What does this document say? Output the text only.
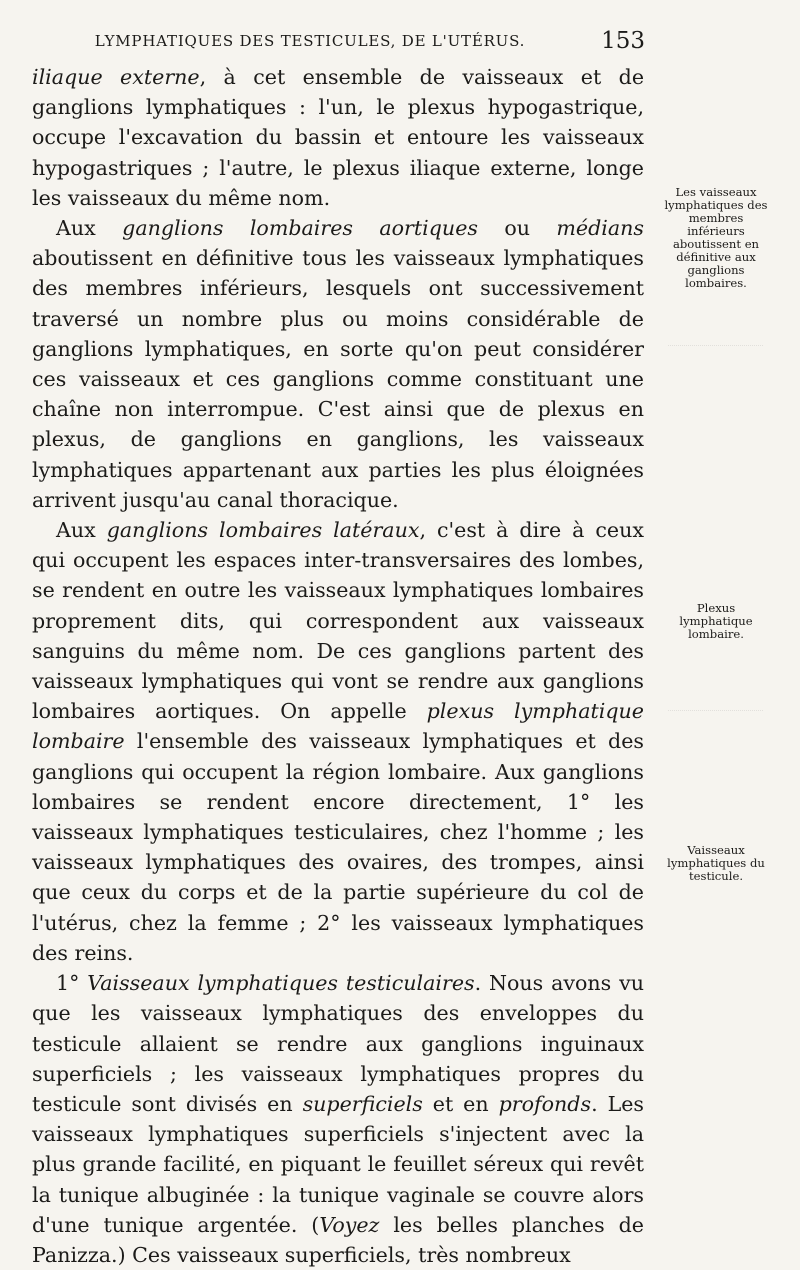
LYMPHATIQUES DES TESTICULES, DE L'UTÉRUS.	153

iliaque externe, à cet ensemble de vaisseaux et de ganglions lymphatiques : l'un, le plexus hypogastrique, occupe l'excavation du bassin et entoure les vaisseaux hypogastriques ; l'autre, le plexus iliaque externe, longe les vaisseaux du même nom.

Aux ganglions lombaires aortiques ou médians aboutissent en définitive tous les vaisseaux lymphatiques des membres inférieurs, lesquels ont successivement traversé un nombre plus ou moins considérable de ganglions lymphatiques, en sorte qu'on peut considérer ces vaisseaux et ces ganglions comme constituant une chaîne non interrompue. C'est ainsi que de plexus en plexus, de ganglions en ganglions, les vaisseaux lymphatiques appartenant aux parties les plus éloignées arrivent jusqu'au canal thoracique.

Aux ganglions lombaires latéraux, c'est à dire à ceux qui occupent les espaces inter-transversaires des lombes, se rendent en outre les vaisseaux lymphatiques lombaires proprement dits, qui correspondent aux vaisseaux sanguins du même nom. De ces ganglions partent des vaisseaux lymphatiques qui vont se rendre aux ganglions lombaires aortiques. On appelle plexus lymphatique lombaire l'ensemble des vaisseaux lymphatiques et des ganglions qui occupent la région lombaire. Aux ganglions lombaires se rendent encore directement, 1° les vaisseaux lymphatiques testiculaires, chez l'homme ; les vaisseaux lymphatiques des ovaires, des trompes, ainsi que ceux du corps et de la partie supérieure du col de l'utérus, chez la femme ; 2° les vaisseaux lymphatiques des reins.

1° Vaisseaux lymphatiques testiculaires. Nous avons vu que les vaisseaux lymphatiques des enveloppes du testicule allaient se rendre aux ganglions inguinaux superficiels ; les vaisseaux lymphatiques propres du testicule sont divisés en superficiels et en profonds. Les vaisseaux lymphatiques superficiels s'injectent avec la plus grande facilité, en piquant le feuillet séreux qui revêt la tunique albuginée : la tunique vaginale se couvre alors d'une tunique argentée. (Voyez les belles planches de Panizza.) Ces vaisseaux superficiels, très nombreux

Les vaisseaux lymphatiques des membres inférieurs aboutissent en définitive aux ganglions lombaires.
Plexus lymphatique lombaire.
Vaisseaux lymphatiques du testicule.
